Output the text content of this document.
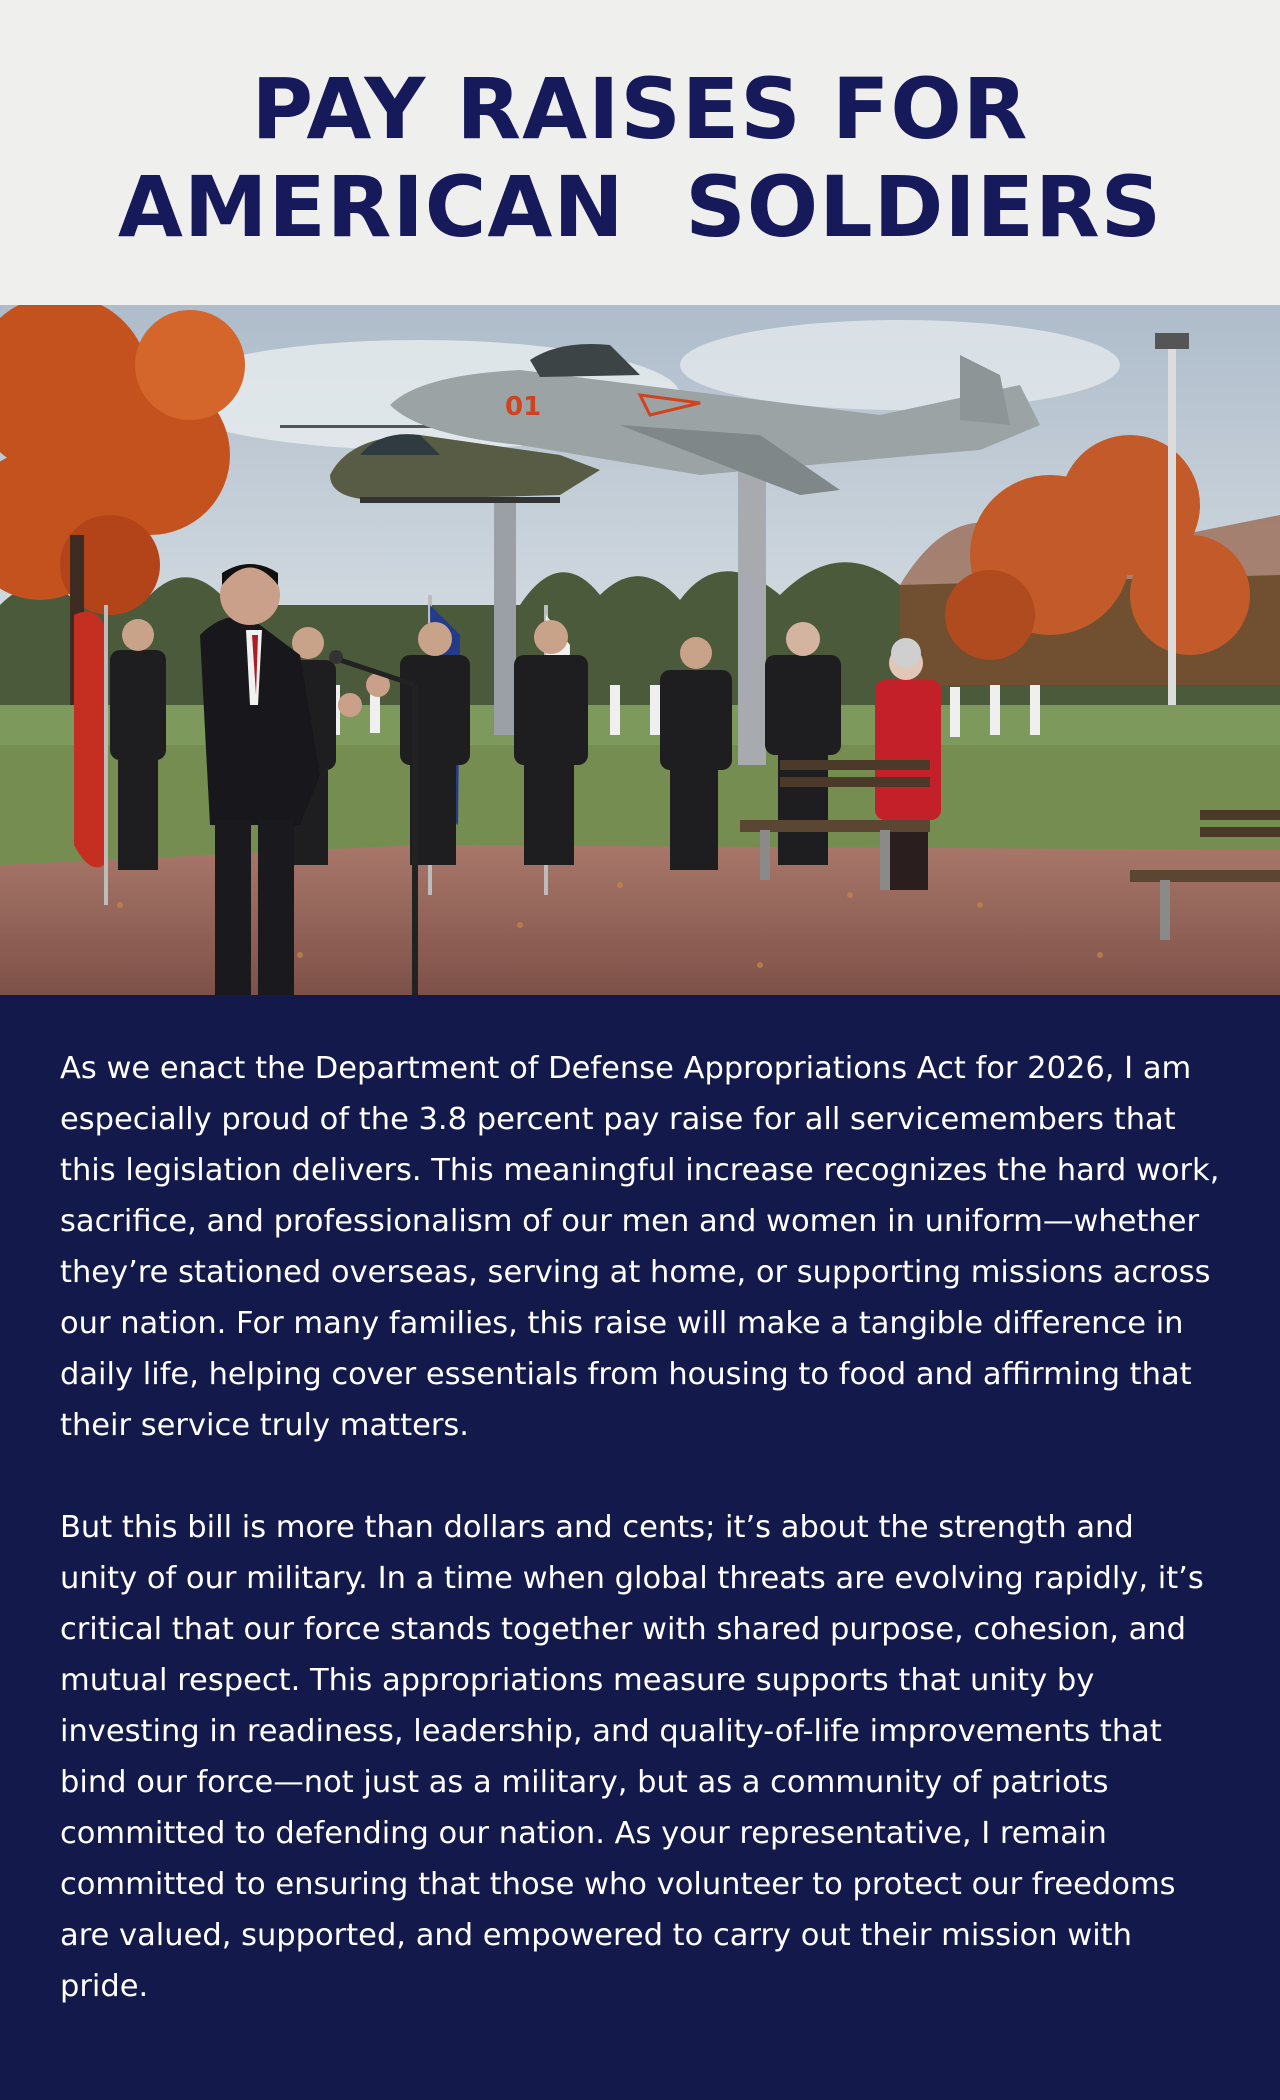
PAY RAISES FOR
AMERICAN  SOLDIERS
01

As we enact the Department of Defense Appropriations Act for 2026, I am especially proud of the 3.8 percent pay raise for all servicemembers that this legislation delivers. This meaningful increase recognizes the hard work, sacrifice, and professionalism of our men and women in uniform—whether they’re stationed overseas, serving at home, or supporting missions across our nation. For many families, this raise will make a tangible difference in daily life, helping cover essentials from housing to food and affirming that their service truly matters.

But this bill is more than dollars and cents; it’s about the strength and unity of our military. In a time when global threats are evolving rapidly, it’s critical that our force stands together with shared purpose, cohesion, and mutual respect. This appropriations measure supports that unity by investing in readiness, leadership, and quality-of-life improvements that bind our force—not just as a military, but as a community of patriots committed to defending our nation. As your representative, I remain committed to ensuring that those who volunteer to protect our freedoms are valued, supported, and empowered to carry out their mission with pride.
